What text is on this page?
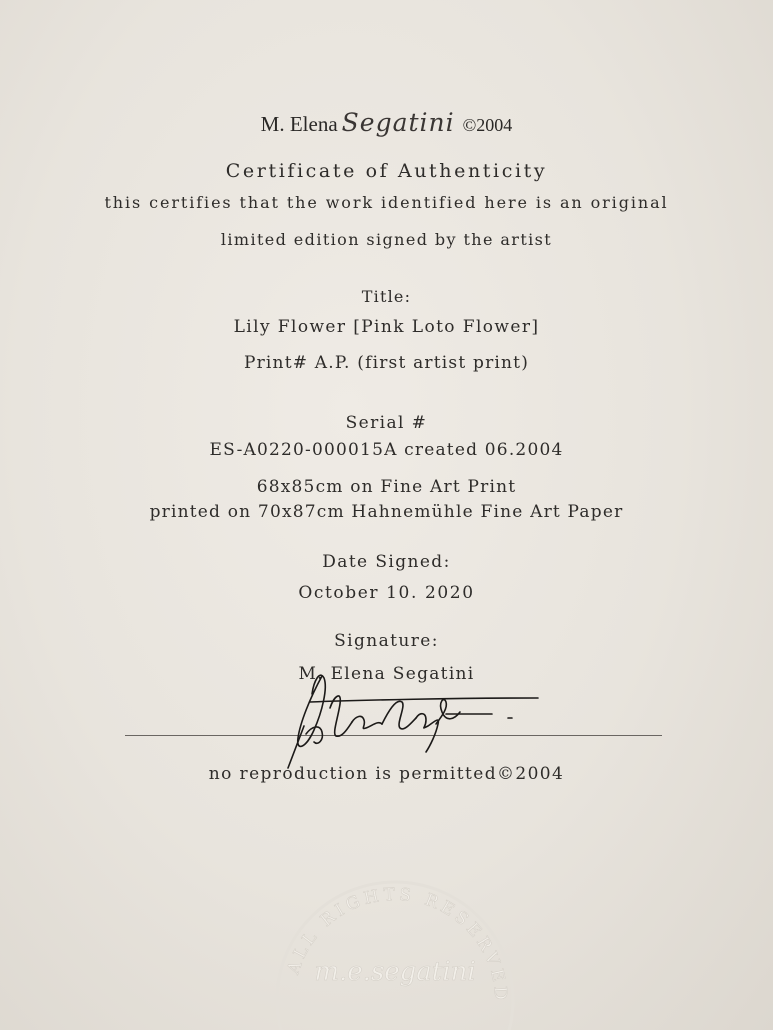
M. Elena Segatini ©2004
Certificate of Authenticity
this certifies that the work identified here is an original
limited edition signed by the artist
Title:
Lily Flower [Pink Loto Flower]
Print# A.P. (first artist print)
Serial #
ES-A0220-000015A created 06.2004
68x85cm on Fine Art Print
printed on 70x87cm Hahnemühle Fine Art Paper
Date Signed:
October 10. 2020
Signature:
M. Elena Segatini
no reproduction is permitted©2004
ALL RIGHTS RESERVED
m.e.segatini
